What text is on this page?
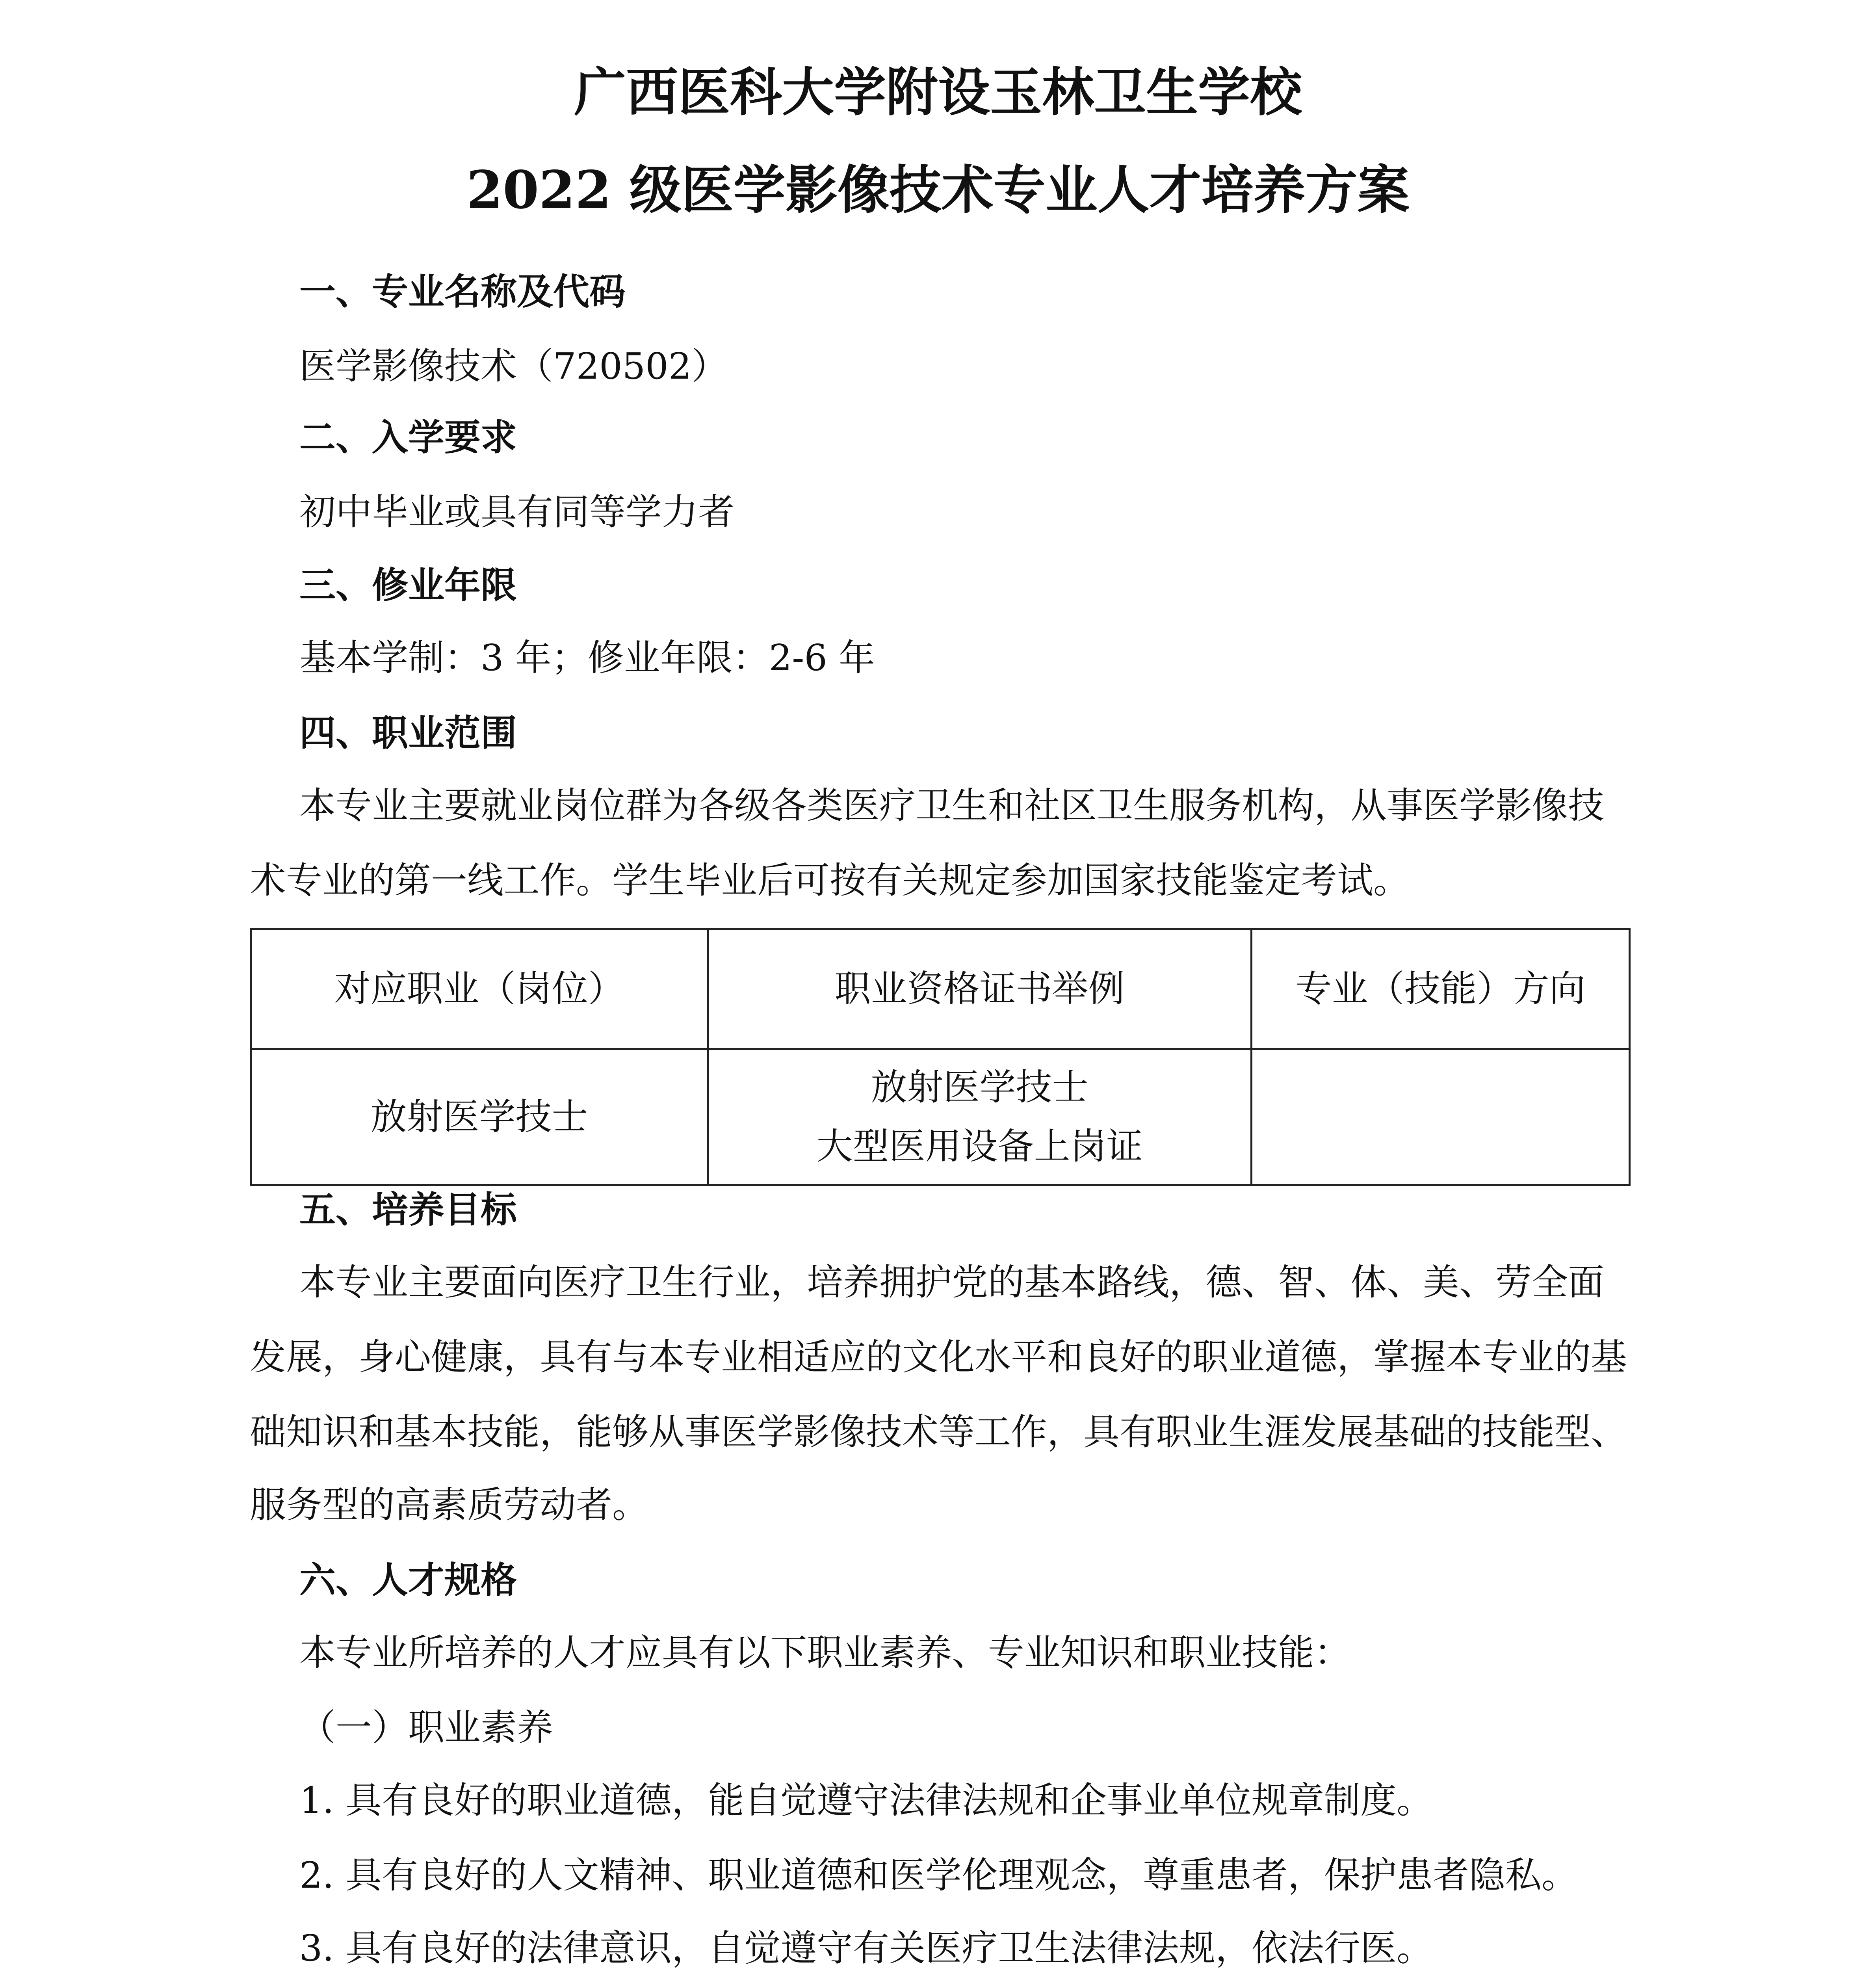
广西医科大学附设玉林卫生学校
2022 级医学影像技术专业人才培养方案
一、专业名称及代码
医学影像技术（720502）
二、入学要求
初中毕业或具有同等学力者
三、修业年限
基本学制：3 年；修业年限：2-6 年
四、职业范围
本专业主要就业岗位群为各级各类医疗卫生和社区卫生服务机构，从事医学影像技
术专业的第一线工作。学生毕业后可按有关规定参加国家技能鉴定考试。
对应职业（岗位）	职业资格证书举例	专业（技能）方向
放射医学技士	放射医学技士
大型医用设备上岗证	

五、培养目标
本专业主要面向医疗卫生行业，培养拥护党的基本路线，德、智、体、美、劳全面
发展，身心健康，具有与本专业相适应的文化水平和良好的职业道德，掌握本专业的基
础知识和基本技能，能够从事医学影像技术等工作，具有职业生涯发展基础的技能型、
服务型的高素质劳动者。
六、人才规格
本专业所培养的人才应具有以下职业素养、专业知识和职业技能：
（一）职业素养
1. 具有良好的职业道德，能自觉遵守法律法规和企事业单位规章制度。
2. 具有良好的人文精神、职业道德和医学伦理观念，尊重患者，保护患者隐私。
3. 具有良好的法律意识，自觉遵守有关医疗卫生法律法规，依法行医。
